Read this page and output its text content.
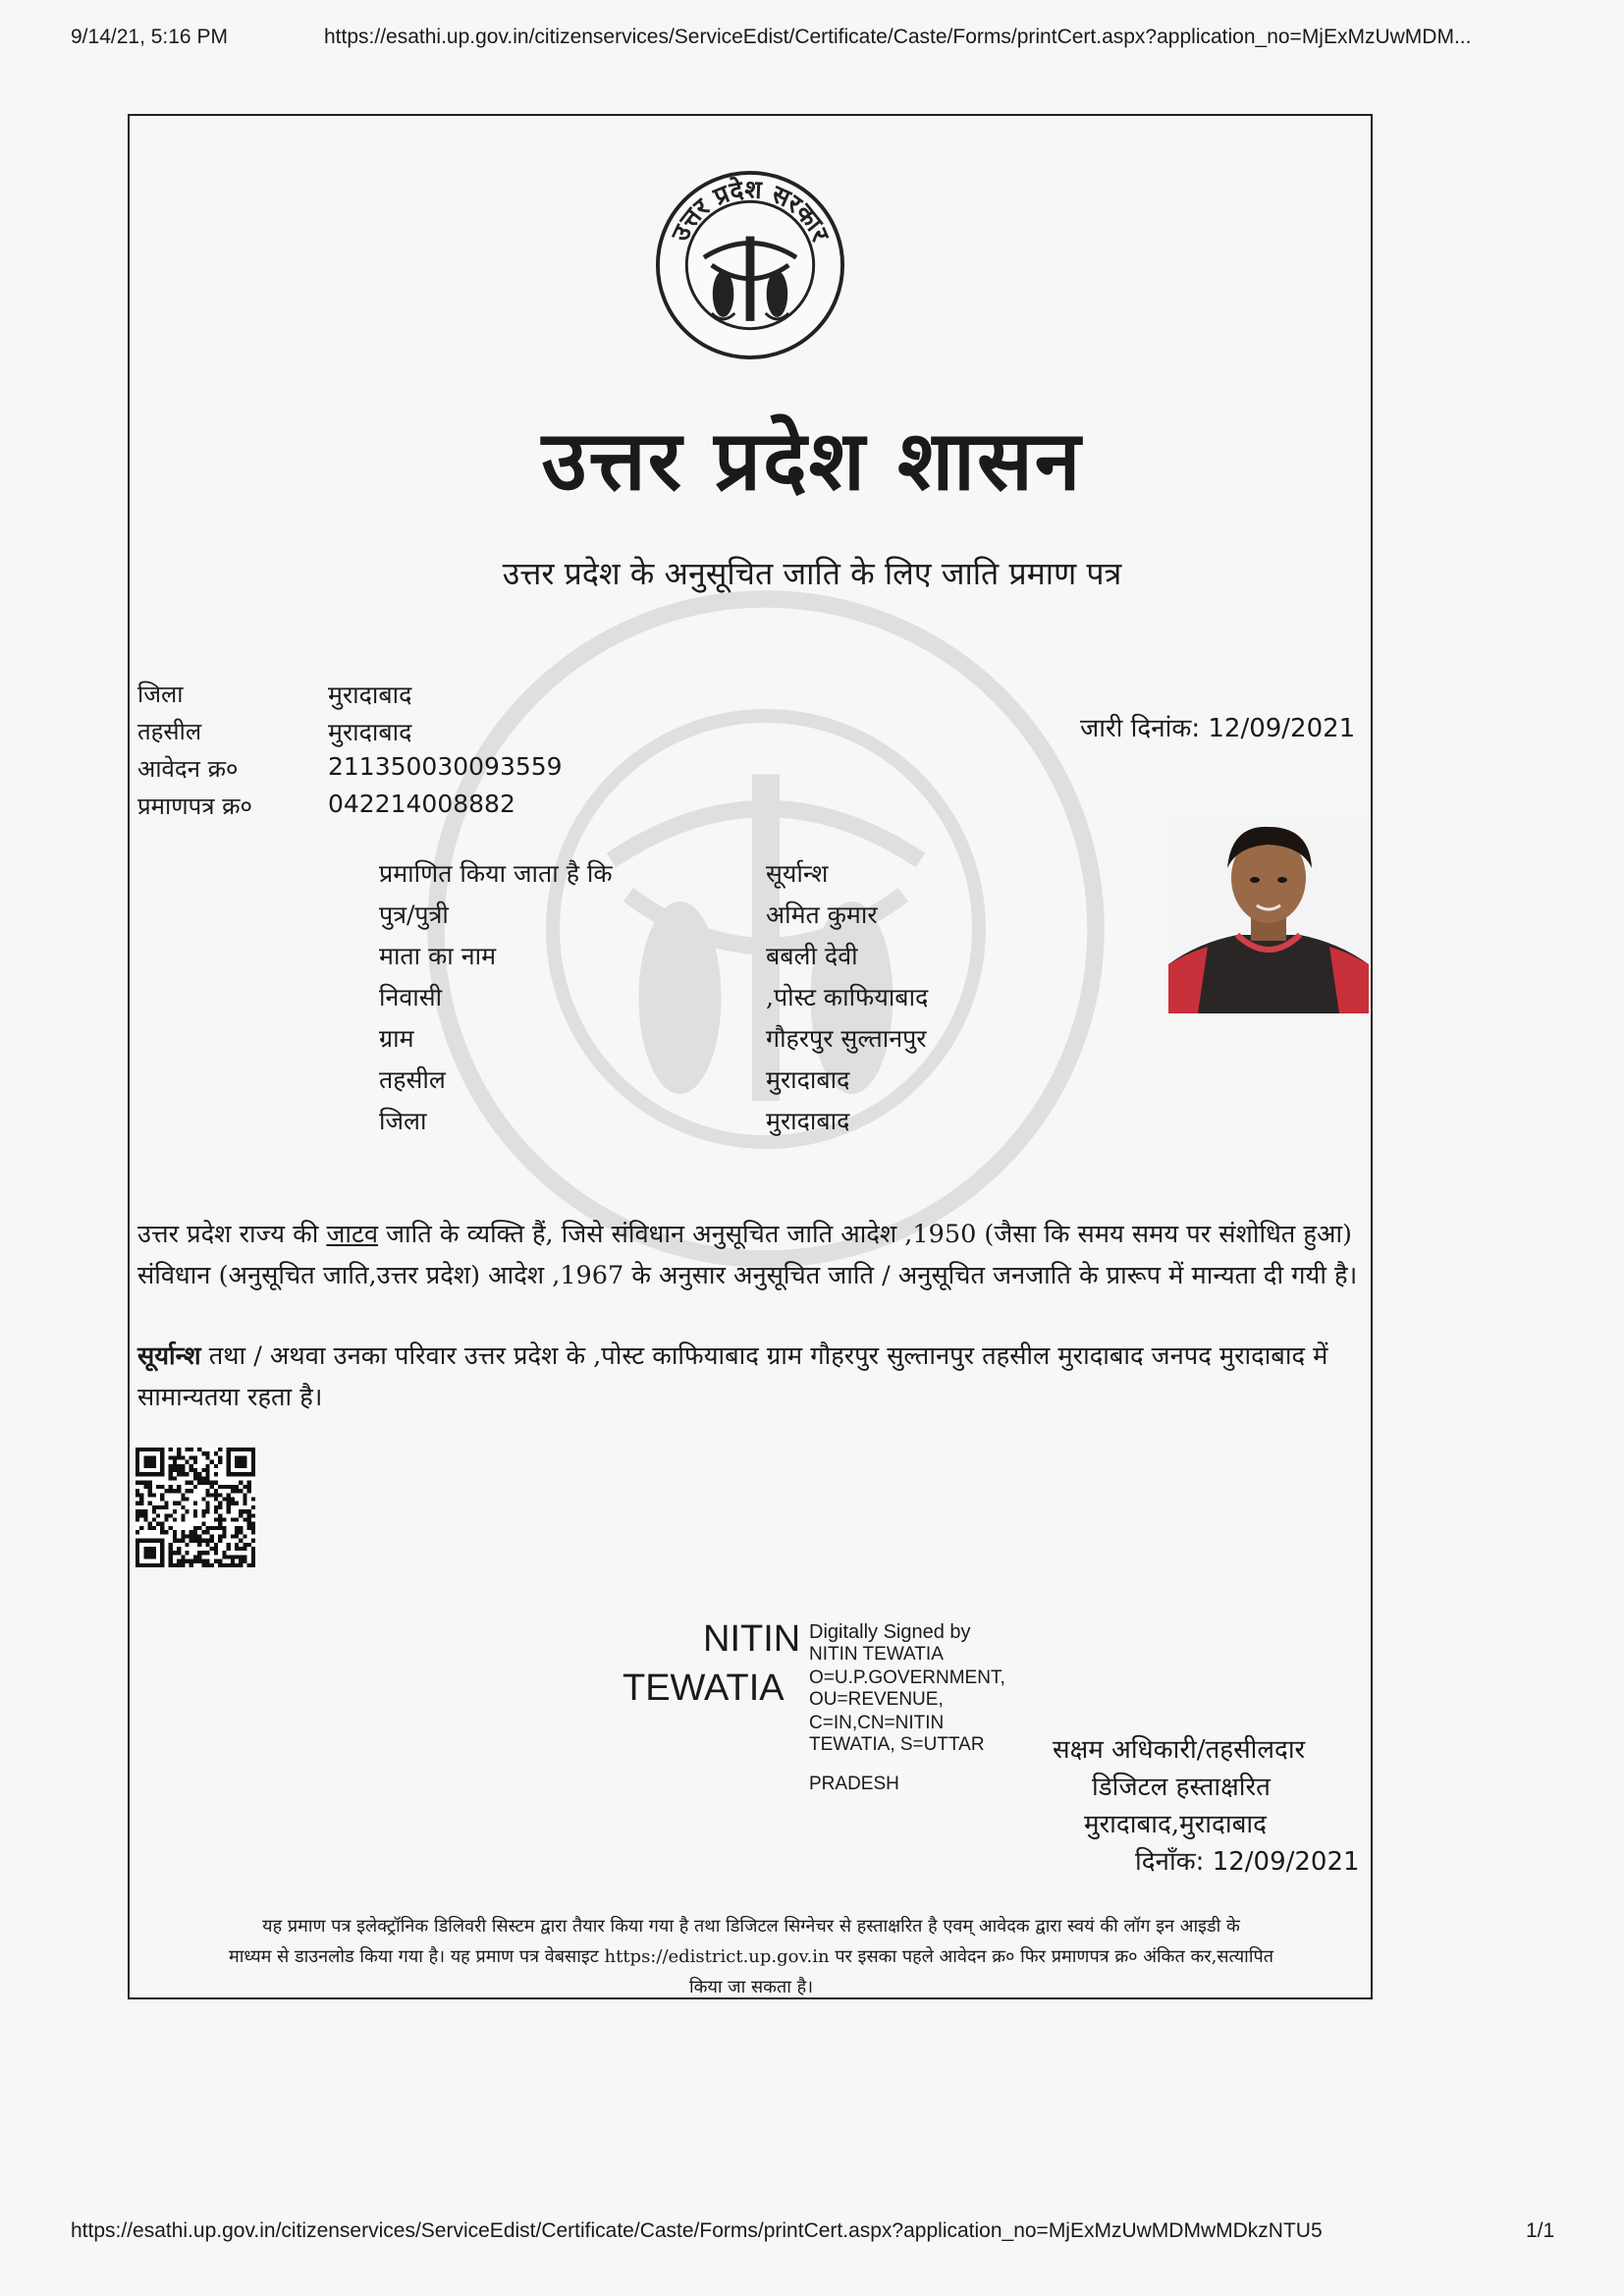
9/14/21, 5:16 PM	https://esathi.up.gov.in/citizenservices/ServiceEdist/Certificate/Caste/Forms/printCert.aspx?application_no=MjExMzUwMDM...
https://esathi.up.gov.in/citizenservices/ServiceEdist/Certificate/Caste/Forms/printCert.aspx?application_no=MjExMzUwMDMwMDkzNTU5	1/1
उत्तर प्रदेश सरकार
उत्तर प्रदेश शासन
उत्तर प्रदेश के अनुसूचित जाति के लिए जाति प्रमाण पत्र
जिला	मुरादाबाद
तहसील	मुरादाबाद
आवेदन क्र०	211350030093559
प्रमाणपत्र क्र०	042214008882
जारी दिनांक: 12/09/2021
प्रमाणित किया जाता है कि	सूर्यान्श
पुत्र/पुत्री	अमित कुमार
माता का नाम	बबली देवी
निवासी	,पोस्ट काफियाबाद
ग्राम	गौहरपुर सुल्तानपुर
तहसील	मुरादाबाद
जिला	मुरादाबाद
उत्तर प्रदेश राज्य की जाटव जाति के व्यक्ति हैं, जिसे संविधान अनुसूचित जाति आदेश ,1950 (जैसा कि समय समय पर संशोधित हुआ) संविधान (अनुसूचित जाति,उत्तर प्रदेश) आदेश ,1967 के अनुसार अनुसूचित जाति / अनुसूचित जनजाति के प्रारूप में मान्यता दी गयी है।
सूर्यान्श तथा / अथवा उनका परिवार उत्तर प्रदेश के ,पोस्ट काफियाबाद ग्राम गौहरपुर सुल्तानपुर तहसील मुरादाबाद जनपद मुरादाबाद में सामान्यतया रहता है।
NITIN
TEWATIA
Digitally Signed by
NITIN TEWATIA
O=U.P.GOVERNMENT,
OU=REVENUE,
C=IN,CN=NITIN
TEWATIA, S=UTTAR
PRADESH
सक्षम अधिकारी/तहसीलदार
डिजिटल हस्ताक्षरित
मुरादाबाद,मुरादाबाद
दिनाँक: 12/09/2021
यह प्रमाण पत्र इलेक्ट्रॉनिक डिलिवरी सिस्टम द्वारा तैयार किया गया है तथा डिजिटल सिग्नेचर से हस्ताक्षरित है एवम् आवेदक द्वारा स्वयं की लॉग इन आइडी के
माध्यम से डाउनलोड किया गया है। यह प्रमाण पत्र वेबसाइट https://edistrict.up.gov.in पर इसका पहले आवेदन क्र० फिर प्रमाणपत्र क्र० अंकित कर,सत्यापित
किया जा सकता है।
